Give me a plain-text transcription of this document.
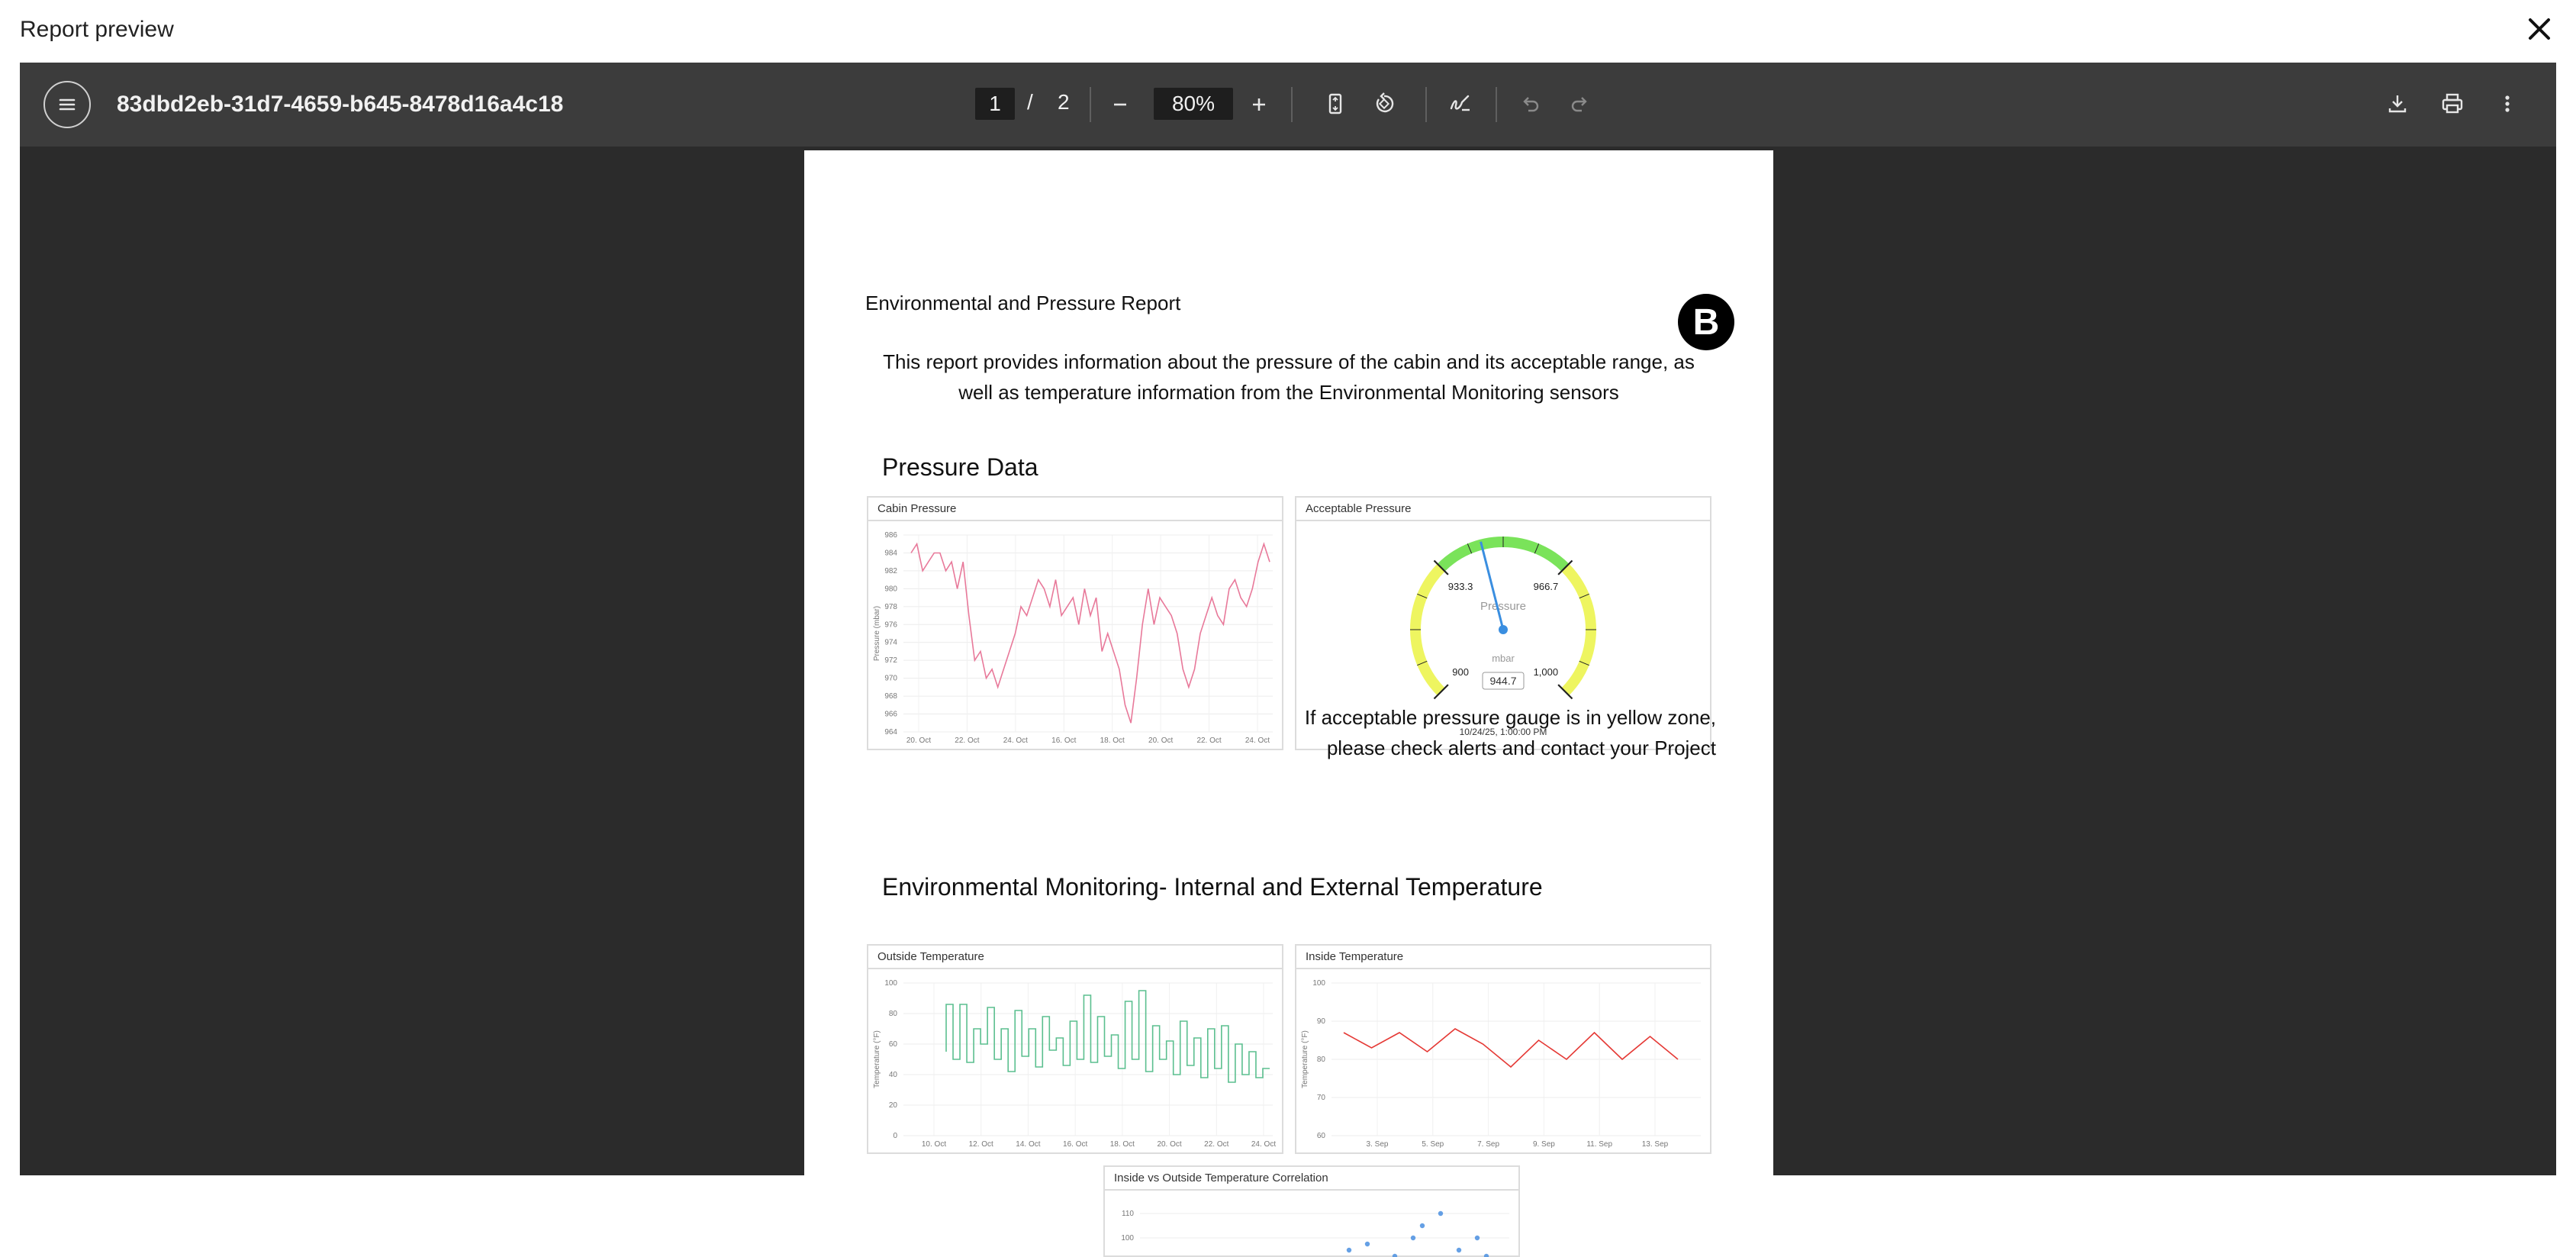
Report preview
83dbd2eb-31d7-4659-b645-8478d16a4c18	1	/ 2	80%
Environmental and Pressure Report	B
This report provides information about the pressure of the cabin and its acceptable range, as
well as temperature information from the Environmental Monitoring sensors
Pressure Data
Cabin Pressure
964
966
968
970
972
974
976
978
980
982
984
986
20. Oct	22. Oct	24. Oct	16. Oct	18. Oct	20. Oct	22. Oct	24. Oct
Pressure (mbar)
Acceptable Pressure
900
933.3	966.7
1,000
Pressure
mbar
944.7
10/24/25, 1:00:00 PM
If acceptable pressure gauge is in yellow zone,
please check alerts and contact your Project
Environmental Monitoring- Internal and External Temperature
Outside Temperature
0
20
40
60
80
100
10. Oct	12. Oct	14. Oct	16. Oct	18. Oct	20. Oct	22. Oct	24. Oct
Temperature (°F)
Inside Temperature
60
70
80
90
100
3. Sep	5. Sep	7. Sep	9. Sep	11. Sep	13. Sep
Temperature (°F)
Inside vs Outside Temperature Correlation
110
100
